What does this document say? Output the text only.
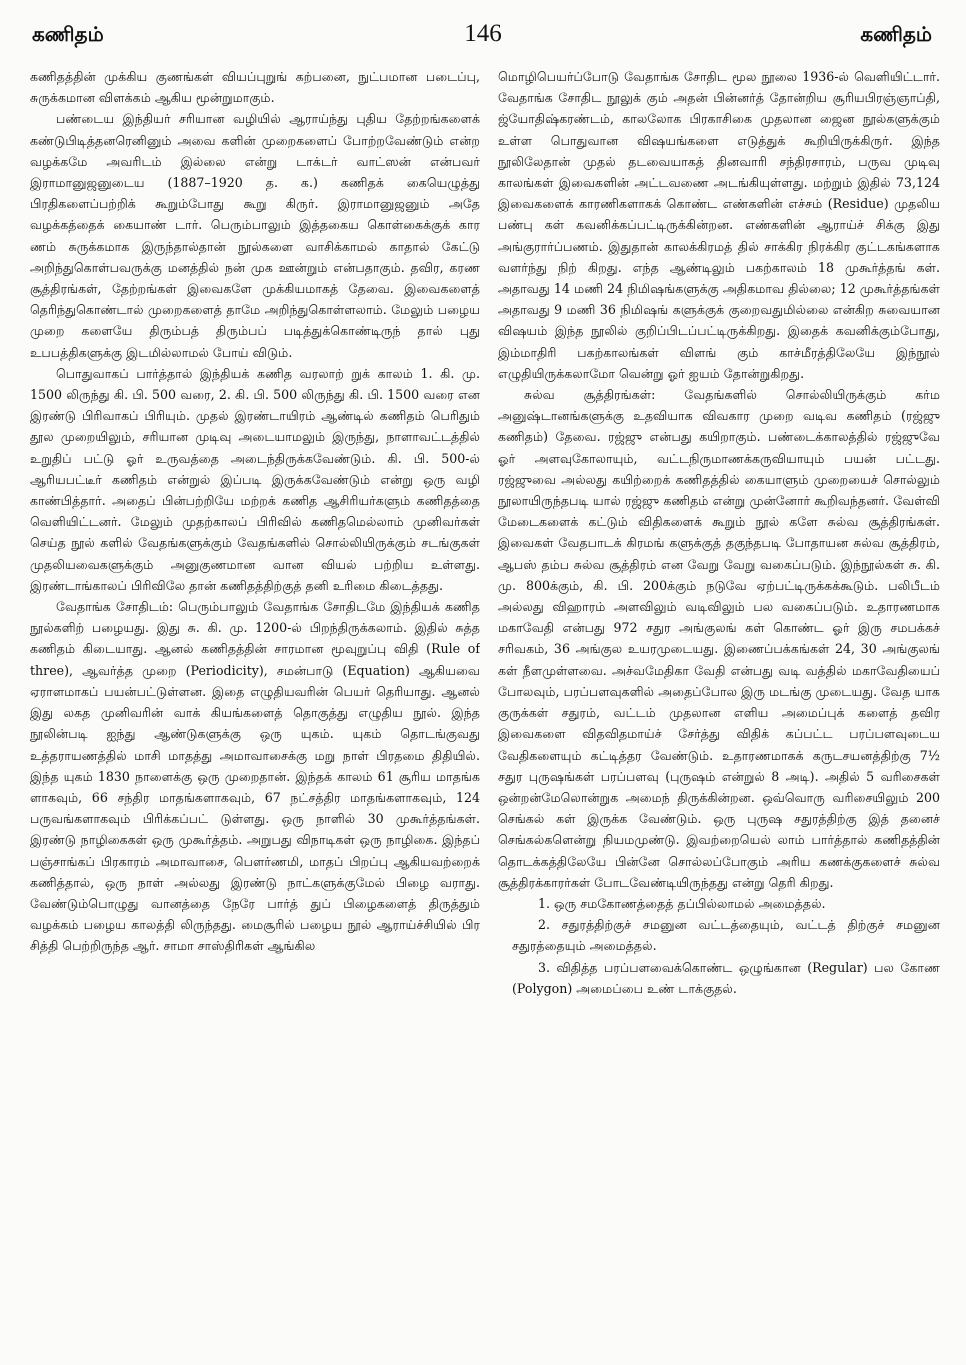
கணிதம்	146	கணிதம்

கணிதத்தின் முக்கிய குணங்கள் வியப்புறுங் கற்பனை, நுட்பமான படைப்பு, சுருக்கமான விளக்கம் ஆகிய மூன்றுமாகும்.

பண்டைய இந்தியர் சரியான வழியில் ஆராய்ந்து புதிய தேற்றங்களைக் கண்டுபிடித்தனரெனினும் அவை களின் முறைகளைப் போற்றவேண்டும் என்ற வழக்கமே அவரிடம் இல்லை என்று டாக்டர் வாட்ஸன் என்பவர் இராமானுஜனுடைய (1887–1920 த. க.) கணிதக் கையெழுத்து பிரதிகளைப்பற்றிக் கூறும்போது கூறு கிருர். இராமானுஜனும் அதே வழக்கத்தைக் கையாண் டார். பெரும்பாலும் இத்தகைய கொள்கைக்குக் கார ணம் சுருக்கமாக இருந்தால்தான் நூல்களை வாசிக்காமல் காதால் கேட்டு அறிந்துகொள்பவருக்கு மனத்தில் நன் முக ஊன்றும் என்பதாகும். தவிர, கரண சூத்திரங்கள், தேற்றங்கள் இவைகளே முக்கியமாகத் தேவை. இவைகளைத் தெரிந்துகொண்டால் முறைகளைத் தாமே அறிந்துகொள்ளலாம். மேலும் பழைய முறை களையே திரும்பத் திரும்பப் படித்துக்கொண்டிருந் தால் புது உபபத்திகளுக்கு இடமில்லாமல் போய் விடும்.

பொதுவாகப் பார்த்தால் இந்தியக் கணித வரலாற் றுக் காலம் 1. கி. மு. 1500 லிருந்து கி. பி. 500 வரை, 2. கி. பி. 500 லிருந்து கி. பி. 1500 வரை என இரண்டு பிரிவாகப் பிரியும். முதல் இரண்டாயிரம் ஆண்டில் கணிதம் பெரிதும் தூல முறையிலும், சரியான முடிவு அடையாமலும் இருந்து, நாளாவட்டத்தில் உறுதிப் பட்டு ஓர் உருவத்தை அடைந்திருக்கவேண்டும். கி. பி. 500-ல் ஆரியபட்டீர் கணிதம் என்றுல் இப்படி இருக்கவேண்டும் என்று ஒரு வழி காண்பித்தார். அதைப் பின்பற்றியே மற்றக் கணித ஆசிரியர்களும் கணிதத்தை வெளியிட்டனர். மேலும் முதற்காலப் பிரிவில் கணிதமெல்லாம் முனிவர்கள் செய்த நூல் களில் வேதங்களுக்கும் வேதங்களில் சொல்லியிருக்கும் சடங்குகள் முதலியவைகளுக்கும் அனுகுணமான வான வியல் பற்றிய உள்ளது. இரண்டாங்காலப் பிரிவிலே தான் கணிதத்திற்குத் தனி உரிமை கிடைத்தது.

வேதாங்க சோதிடம்: பெரும்பாலும் வேதாங்க சோதிடமே இந்தியக் கணித நூல்களிற் பழையது. இது சு. கி. மு. 1200-ல் பிறந்திருக்கலாம். இதில் சுத்த கணிதம் கிடையாது. ஆனல் கணிதத்தின் சாரமான மூவுறுப்பு விதி (Rule of three), ஆவர்த்த முறை (Periodicity), சமன்பாடு (Equation) ஆகியவை ஏராளமாகப் பயன்பட்டுள்ளன. இதை எழுதியவரின் பெயர் தெரியாது. ஆனல் இது லகத முனிவரின் வாக் கியங்களைத் தொகுத்து எழுதிய நூல். இந்த நூலின்படி ஐந்து ஆண்டுகளுக்கு ஒரு யுகம். யுகம் தொடங்குவது உத்தராயணத்தில் மாசி மாதத்து அமாவாசைக்கு மறு நாள் பிரதமை திதியில். இந்த யுகம் 1830 நாளைக்கு ஒரு முறைதான். இந்தக் காலம் 61 சூரிய மாதங்க ளாகவும், 66 சந்திர மாதங்களாகவும், 67 நட்சத்திர மாதங்களாகவும், 124 பருவங்களாகவும் பிரிக்கப்பட் டுள்ளது. ஒரு நாளில் 30 முகூர்த்தங்கள். இரண்டு நாழிகைகள் ஒரு முகூர்த்தம். அறுபது விநாடிகள் ஒரு நாழிகை. இந்தப் பஞ்சாங்கப் பிரகாரம் அமாவாசை, பௌர்ணமி, மாதப் பிறப்பு ஆகியவற்றைக் கணித்தால், ஒரு நாள் அல்லது இரண்டு நாட்களுக்குமேல் பிழை வராது. வேண்டும்பொழுது வானத்தை நேரே பார்த் துப் பிழைகளைத் திருத்தும் வழக்கம் பழைய காலத்தி லிருந்தது. மைசூரில் பழைய நூல் ஆராய்ச்சியில் பிர சித்தி பெற்றிருந்த ஆர். சாமா சாஸ்திரிகள் ஆங்கில

மொழிபெயர்ப்போடு வேதாங்க சோதிட மூல நூலை 1936-ல் வெளியிட்டார். வேதாங்க சோதிட நூலுக் கும் அதன் பின்னர்த் தோன்றிய சூரியபிரஞ்ஞாப்தி, ஜ்யோதிஷ்கரண்டம், காலலோக பிரகாசிகை முதலான ஜைன நூல்களுக்கும் உள்ள பொதுவான விஷயங்களை எடுத்துக் கூறியிருக்கிருர். இந்த நூலிலேதான் முதல் தடவையாகத் தினவாரி சந்திரசாரம், பருவ முடிவு காலங்கள் இவைகளின் அட்டவணை அடங்கியுள்ளது. மற்றும் இதில் 73,124 இவைகளைக் காரணிகளாகக் கொண்ட எண்களின் எச்சம் (Residue) முதலிய பண்பு கள் கவனிக்கப்பட்டிருக்கின்றன. எண்களின் ஆராய்ச் சிக்கு இது அங்குரார்ப்பணம். இதுதான் காலக்கிரமத் தில் சாக்கிர நிரக்கிர குட்டகங்களாக வளர்ந்து நிற் கிறது. எந்த ஆண்டிலும் பகற்காலம் 18 முகூர்த்தங் கள். அதாவது 14 மணி 24 நிமிஷங்களுக்கு அதிகமாவ தில்லை; 12 முகூர்த்தங்கள் அதாவது 9 மணி 36 நிமிஷங் களுக்குக் குறைவதுமில்லை என்கிற சுவையான விஷயம் இந்த நூலில் குறிப்பிடப்பட்டிருக்கிறது. இதைக் கவனிக்கும்போது, இம்மாதிரி பகற்காலங்கள் விளங் கும் காச்மீரத்திலேயே இந்நூல் எழுதியிருக்கலாமோ வென்று ஓர் ஐயம் தோன்றுகிறது.

சுல்வ சூத்திரங்கள்: வேதங்களில் சொல்லியிருக்கும் கர்ம அனுஷ்டானங்களுக்கு உதவியாக விவகார முறை வடிவ கணிதம் (ரஜ்ஜு கணிதம்) தேவை. ரஜ்ஜு என்பது கயிறாகும். பண்டைக்காலத்தில் ரஜ்ஜுவே ஓர் அளவுகோலாயும், வட்டநிருமாணக்கருவியாயும் பயன் பட்டது. ரஜ்ஜுவை அல்லது கயிற்றைக் கணிதத்தில் கையாளும் முறையைச் சொல்லும் நூலாயிருந்தபடி யால் ரஜ்ஜு கணிதம் என்று முன்னோர் கூறிவந்தனர். வேள்வி மேடைகளைக் கட்டும் விதிகளைக் கூறும் நூல் களே சுல்வ சூத்திரங்கள். இவைகள் வேதபாடக் கிரமங் களுக்குத் தகுந்தபடி போதாயன சுல்வ சூத்திரம், ஆபஸ் தம்ப சுல்வ சூத்திரம் என வேறு வேறு வகைப்படும். இந்நூல்கள் சு. கி. மு. 800க்கும், கி. பி. 200க்கும் நடுவே ஏற்பட்டிருக்கக்கூடும். பலிபீடம் அல்லது விஹாரம் அளவிலும் வடிவிலும் பல வகைப்படும். உதாரணமாக மகாவேதி என்பது 972 சதுர அங்குலங் கள் கொண்ட ஓர் இரு சமபக்கச் சரிவகம், 36 அங்குல உயரமுடையது. இணைப்பக்கங்கள் 24, 30 அங்குலங் கள் நீளமுள்ளவை. அச்வமேதிகா வேதி என்பது வடி வத்தில் மகாவேதியைப் போலவும், பரப்பளவுகளில் அதைப்போல இரு மடங்கு முடையது. வேத யாக குருக்கள் சதுரம், வட்டம் முதலான எளிய அமைப்புக் களைத் தவிர இவைகளை விதவிதமாய்ச் சேர்த்து விதிக் கப்பட்ட பரப்பளவுடைய வேதிகளையும் கட்டித்தர வேண்டும். உதாரணமாகக் கருடசயனத்திற்கு 7½ சதுர புருஷங்கள் பரப்பளவு (புருஷம் என்றுல் 8 அடி). அதில் 5 வரிசைகள் ஒன்றன்மேலொன்றுக அமைந் திருக்கின்றன. ஒவ்வொரு வரிசையிலும் 200 செங்கல் கள் இருக்க வேண்டும். ஒரு புருஷ சதுரத்திற்கு இத் தனைச் செங்கல்களென்று நியமமுண்டு. இவற்றையெல் லாம் பார்த்தால் கணிதத்தின் தொடக்கத்திலேயே பின்னே சொல்லப்போகும் அரிய கணக்குகளைச் சுல்வ சூத்திரக்காரர்கள் போடவேண்டியிருந்தது என்று தெரி கிறது.

1. ஒரு சமகோணத்தைத் தப்பில்லாமல் அமைத்தல்.

2. சதுரத்திற்குச் சமனுன வட்டத்தையும், வட்டத் திற்குச் சமனுன சதுரத்தையும் அமைத்தல்.

3. விதித்த பரப்பளவைக்கொண்ட ஒழுங்கான (Regular) பல கோண (Polygon) அமைப்பை உண் டாக்குதல்.
